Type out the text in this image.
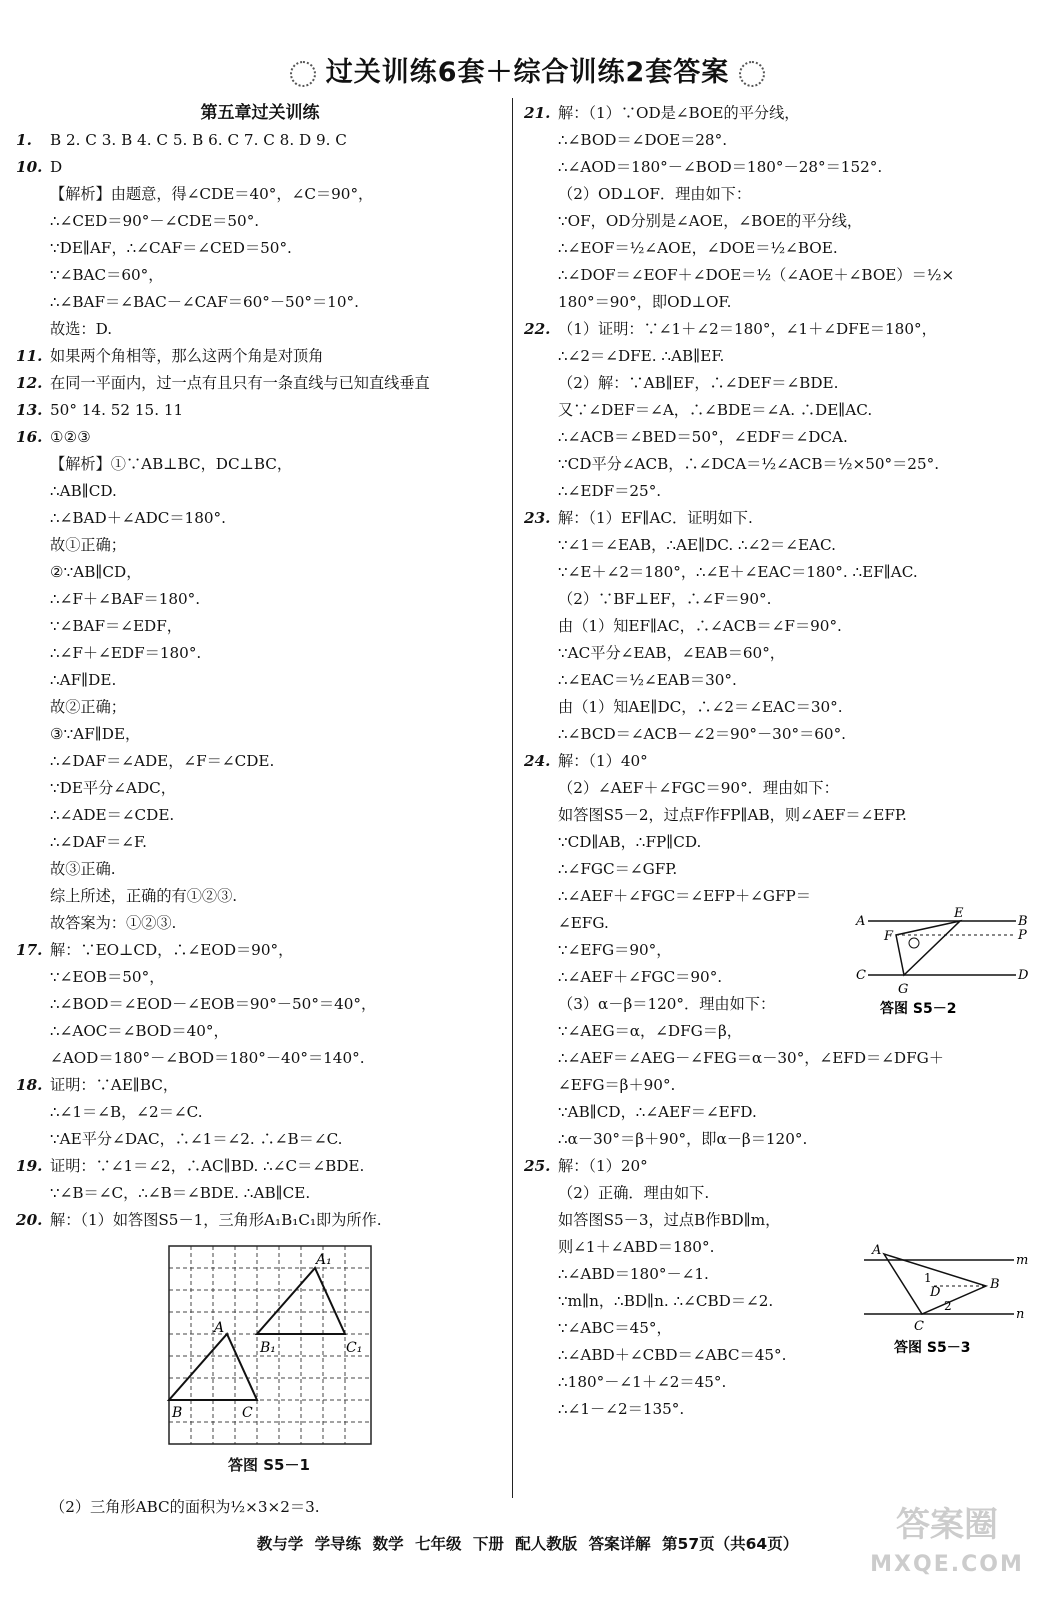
过关训练6套＋综合训练2套答案
第五章过关训练
1. B 2. C 3. B 4. C 5. B 6. C 7. C 8. D 9. C
10. D
【解析】由题意，得∠CDE＝40°，∠C＝90°，
∴∠CED＝90°－∠CDE＝50°.
∵DE∥AF，∴∠CAF＝∠CED＝50°.
∵∠BAC＝60°，
∴∠BAF＝∠BAC－∠CAF＝60°－50°＝10°.
故选：D.
11. 如果两个角相等，那么这两个角是对顶角
12. 在同一平面内，过一点有且只有一条直线与已知直线垂直
13. 50° 14. 52 15. 11
16. ①②③
【解析】①∵AB⊥BC，DC⊥BC，
∴AB∥CD.
∴∠BAD＋∠ADC＝180°.
故①正确；
②∵AB∥CD，
∴∠F＋∠BAF＝180°.
∵∠BAF＝∠EDF，
∴∠F＋∠EDF＝180°.
∴AF∥DE.
故②正确；
③∵AF∥DE，
∴∠DAF＝∠ADE，∠F＝∠CDE.
∵DE平分∠ADC，
∴∠ADE＝∠CDE.
∴∠DAF＝∠F.
故③正确.
综上所述，正确的有①②③.
故答案为：①②③.
17. 解：∵EO⊥CD，∴∠EOD＝90°，
∵∠EOB＝50°，
∴∠BOD＝∠EOD－∠EOB＝90°－50°＝40°，
∴∠AOC＝∠BOD＝40°，
∠AOD＝180°－∠BOD＝180°－40°＝140°.
18. 证明：∵AE∥BC，
∴∠1＝∠B，∠2＝∠C.
∵AE平分∠DAC，∴∠1＝∠2. ∴∠B＝∠C.
19. 证明：∵∠1＝∠2，∴AC∥BD. ∴∠C＝∠BDE.
∵∠B＝∠C，∴∠B＝∠BDE. ∴AB∥CE.
20. 解：（1）如答图S5－1，三角形A₁B₁C₁即为所作.
A
B	C
A₁
B₁	C₁
答图 S5－1
（2）三角形ABC的面积为½×3×2＝3.
21. 解：（1）∵OD是∠BOE的平分线，
∴∠BOD＝∠DOE＝28°.
∴∠AOD＝180°－∠BOD＝180°－28°＝152°.
（2）OD⊥OF．理由如下：
∵OF，OD分别是∠AOE，∠BOE的平分线，
∴∠EOF＝½∠AOE，∠DOE＝½∠BOE.
∴∠DOF＝∠EOF＋∠DOE＝½（∠AOE＋∠BOE）＝½×
180°＝90°，即OD⊥OF.
22. （1）证明：∵∠1＋∠2＝180°，∠1＋∠DFE＝180°，
∴∠2＝∠DFE. ∴AB∥EF.
（2）解：∵AB∥EF，∴∠DEF＝∠BDE.
又∵∠DEF＝∠A，∴∠BDE＝∠A. ∴DE∥AC.
∴∠ACB＝∠BED＝50°，∠EDF＝∠DCA.
∵CD平分∠ACB，∴∠DCA＝½∠ACB＝½×50°＝25°.
∴∠EDF＝25°.
23. 解：（1）EF∥AC．证明如下.
∵∠1＝∠EAB，∴AE∥DC. ∴∠2＝∠EAC.
∵∠E＋∠2＝180°，∴∠E＋∠EAC＝180°. ∴EF∥AC.
（2）∵BF⊥EF，∴∠F＝90°.
由（1）知EF∥AC，∴∠ACB＝∠F＝90°.
∵AC平分∠EAB，∠EAB＝60°，
∴∠EAC＝½∠EAB＝30°.
由（1）知AE∥DC，∴∠2＝∠EAC＝30°.
∴∠BCD＝∠ACB－∠2＝90°－30°＝60°.
24. 解：（1）40°
（2）∠AEF＋∠FGC＝90°．理由如下：
如答图S5－2，过点F作FP∥AB，则∠AEF＝∠EFP.
∵CD∥AB，∴FP∥CD.
∴∠FGC＝∠GFP.
∴∠AEF＋∠FGC＝∠EFP＋∠GFP＝
∠EFG.
∵∠EFG＝90°，
∴∠AEF＋∠FGC＝90°.
（3）α－β＝120°．理由如下：
∵∠AEG＝α，∠DFG＝β，
∴∠AEF＝∠AEG－∠FEG＝α－30°，∠EFD＝∠DFG＋
∠EFG＝β＋90°.
∵AB∥CD，∴∠AEF＝∠EFD.
∴α－30°＝β＋90°，即α－β＝120°.
25. 解：（1）20°
（2）正确．理由如下.
如答图S5－3，过点B作BD∥m，
则∠1＋∠ABD＝180°.
∴∠ABD＝180°－∠1.
∵m∥n，∴BD∥n. ∴∠CBD＝∠2.
∵∠ABC＝45°，
∴∠ABD＋∠CBD＝∠ABC＝45°.
∴180°－∠1＋∠2＝45°.
∴∠1－∠2＝135°.
A	B
C	D
E
F
G
P
答图 S5－2
A
B
C
D
m
n
1
2
答图 S5－3
教与学 学导练 数学 七年级 下册 配人教版 答案详解 第57页（共64页）	答案圈
MXQE.COM
